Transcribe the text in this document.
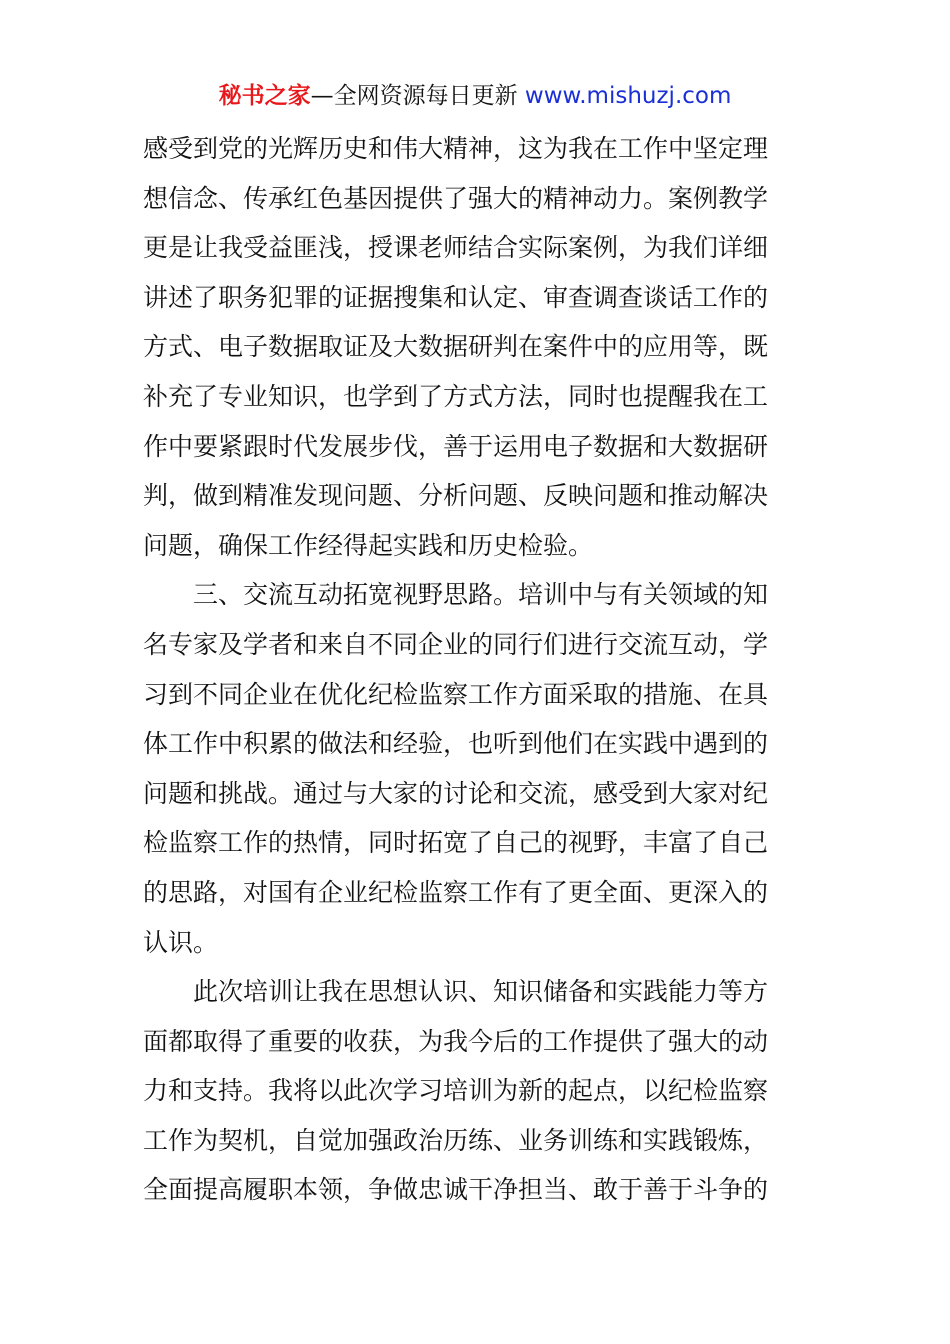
秘书之家—全网资源每日更新 www.mishuzj.com
感受到党的光辉历史和伟大精神，这为我在工作中坚定理
想信念、传承红色基因提供了强大的精神动力。案例教学
更是让我受益匪浅，授课老师结合实际案例，为我们详细
讲述了职务犯罪的证据搜集和认定、审查调查谈话工作的
方式、电子数据取证及大数据研判在案件中的应用等，既
补充了专业知识，也学到了方式方法，同时也提醒我在工
作中要紧跟时代发展步伐，善于运用电子数据和大数据研
判，做到精准发现问题、分析问题、反映问题和推动解决
问题，确保工作经得起实践和历史检验。
三、交流互动拓宽视野思路。培训中与有关领域的知
名专家及学者和来自不同企业的同行们进行交流互动，学
习到不同企业在优化纪检监察工作方面采取的措施、在具
体工作中积累的做法和经验，也听到他们在实践中遇到的
问题和挑战。通过与大家的讨论和交流，感受到大家对纪
检监察工作的热情，同时拓宽了自己的视野，丰富了自己
的思路，对国有企业纪检监察工作有了更全面、更深入的
认识。
此次培训让我在思想认识、知识储备和实践能力等方
面都取得了重要的收获，为我今后的工作提供了强大的动
力和支持。我将以此次学习培训为新的起点，以纪检监察
工作为契机，自觉加强政治历练、业务训练和实践锻炼，
全面提高履职本领，争做忠诚干净担当、敢于善于斗争的
